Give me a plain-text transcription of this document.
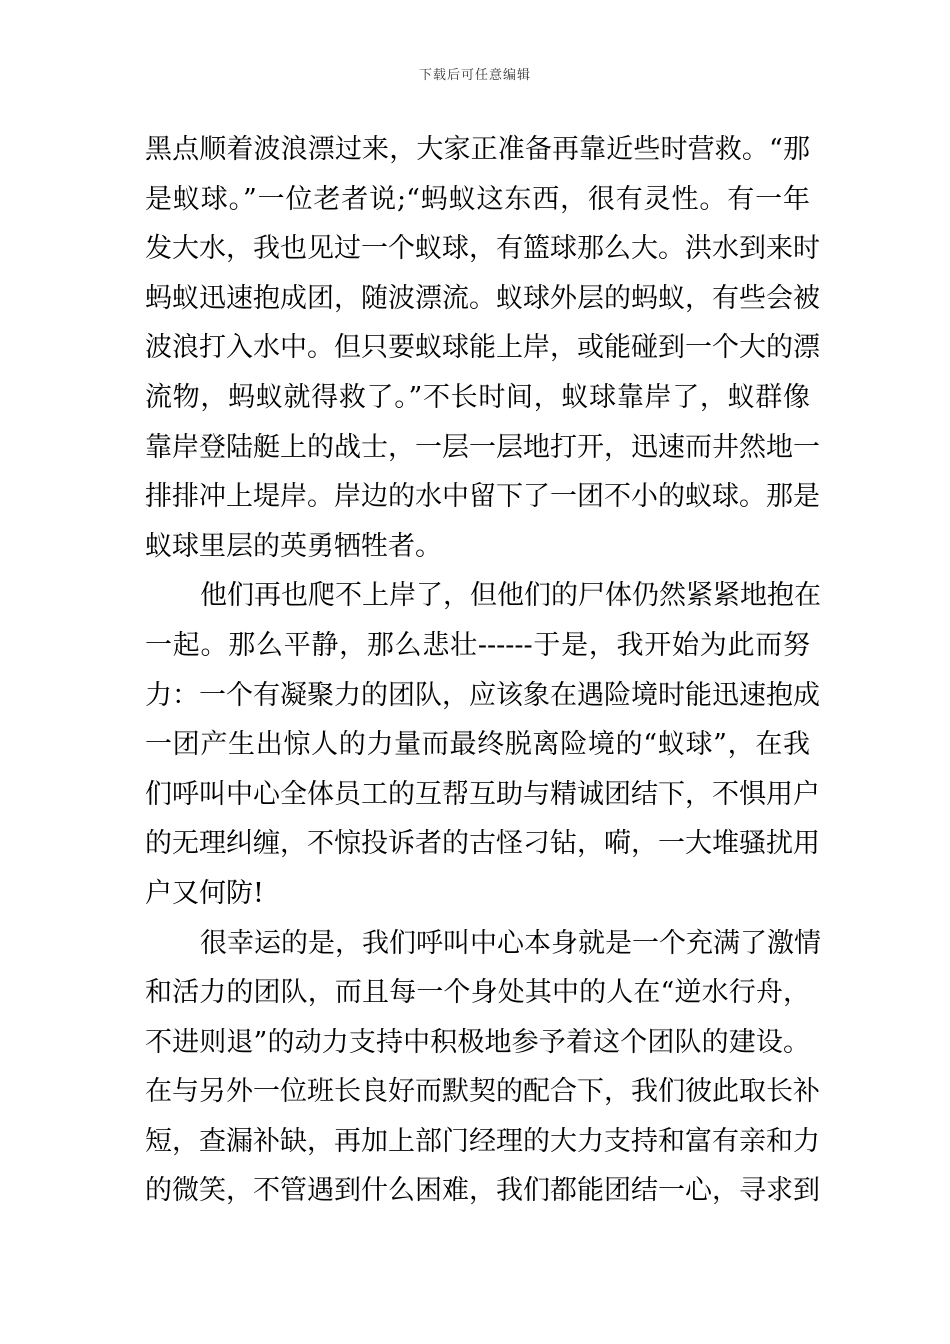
下载后可任意编辑
黑点顺着波浪漂过来，大家正准备再靠近些时营救。“那
是蚁球。”一位老者说;“蚂蚁这东西，很有灵性。有一年
发大水，我也见过一个蚁球，有篮球那么大。洪水到来时
蚂蚁迅速抱成团，随波漂流。蚁球外层的蚂蚁，有些会被
波浪打入水中。但只要蚁球能上岸，或能碰到一个大的漂
流物，蚂蚁就得救了。”不长时间，蚁球靠岸了，蚁群像
靠岸登陆艇上的战士，一层一层地打开，迅速而井然地一
排排冲上堤岸。岸边的水中留下了一团不小的蚁球。那是
蚁球里层的英勇牺牲者。
他们再也爬不上岸了，但他们的尸体仍然紧紧地抱在
一起。那么平静，那么悲壮------于是，我开始为此而努
力：一个有凝聚力的团队，应该象在遇险境时能迅速抱成
一团产生出惊人的力量而最终脱离险境的“蚁球”，在我
们呼叫中心全体员工的互帮互助与精诚团结下，不惧用户
的无理纠缠，不惊投诉者的古怪刁钻，嗬，一大堆骚扰用
户又何防!
很幸运的是，我们呼叫中心本身就是一个充满了激情
和活力的团队，而且每一个身处其中的人在“逆水行舟，
不进则退”的动力支持中积极地参予着这个团队的建设。
在与另外一位班长良好而默契的配合下，我们彼此取长补
短，查漏补缺，再加上部门经理的大力支持和富有亲和力
的微笑，不管遇到什么困难，我们都能团结一心，寻求到
